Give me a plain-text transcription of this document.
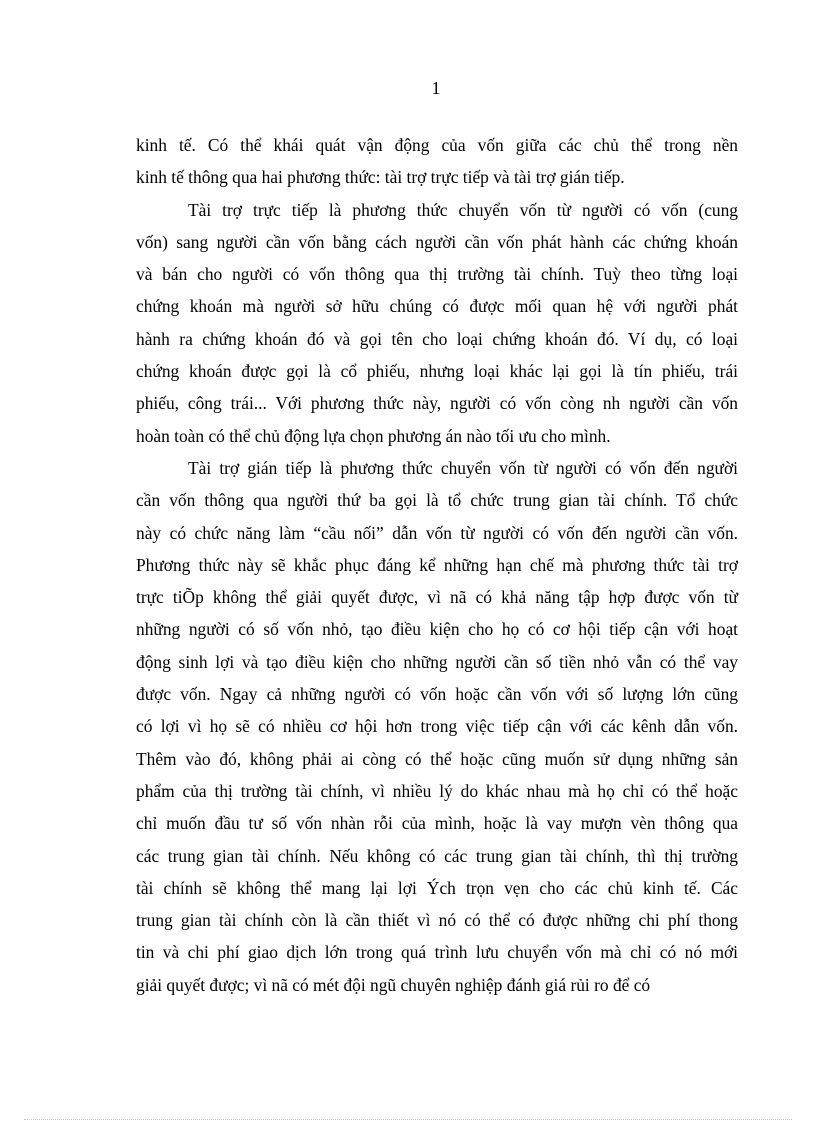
1
kinh tế. Có thể khái quát vận động của vốn giữa các chủ thể trong nền
kinh tế thông qua hai phương thức: tài trợ trực tiếp và tài trợ gián tiếp.
Tài trợ trực tiếp là phương thức chuyển vốn từ người có vốn (cung
vốn) sang người cần vốn bằng cách người cần vốn phát hành các chứng khoán
và bán cho người có vốn thông qua thị trường tài chính. Tuỳ theo từng loại
chứng khoán mà người sở hữu chúng có được mối quan hệ với người phát
hành ra chứng khoán đó và gọi tên cho loại chứng khoán đó. Ví dụ, có loại
chứng khoán được gọi là cổ phiếu, nhưng loại khác lại gọi là tín phiếu, trái
phiếu, công trái... Với phương thức này, người có vốn còng nh người cần vốn
hoàn toàn có thể chủ động lựa chọn phương án nào tối ưu cho mình.
Tài trợ gián tiếp là phương thức chuyển vốn từ người có vốn đến người
cần vốn thông qua người thứ ba gọi là tổ chức trung gian tài chính. Tổ chức
này có chức năng làm “cầu nối” dẫn vốn từ người có vốn đến người cần vốn.
Phương thức này sẽ khắc phục đáng kể những hạn chế mà phương thức tài trợ
trực tiÕp không thể giải quyết được, vì nã có khả năng tập hợp được vốn từ
những người có số vốn nhỏ, tạo điều kiện cho họ có cơ hội tiếp cận với hoạt
động sinh lợi và tạo điều kiện cho những người cần số tiền nhỏ vẫn có thể vay
được vốn. Ngay cả những người có vốn hoặc cần vốn với số lượng lớn cũng
có lợi vì họ sẽ có nhiều cơ hội hơn trong việc tiếp cận với các kênh dẫn vốn.
Thêm vào đó, không phải ai còng có thể hoặc cũng muốn sử dụng những sản
phẩm của thị trường tài chính, vì nhiều lý do khác nhau mà họ chỉ có thể hoặc
chỉ muốn đầu tư số vốn nhàn rỗi của mình, hoặc là vay mượn vèn thông qua
các trung gian tài chính. Nếu không có các trung gian tài chính, thì thị trường
tài chính sẽ không thể mang lại lợi Ých trọn vẹn cho các chủ kinh tế. Các
trung gian tài chính còn là cần thiết vì nó có thể có được những chi phí thong
tin và chi phí giao dịch lớn trong quá trình lưu chuyển vốn mà chỉ có nó mới
giải quyết được; vì nã có mét đội ngũ chuyên nghiệp đánh giá rủi ro để có
